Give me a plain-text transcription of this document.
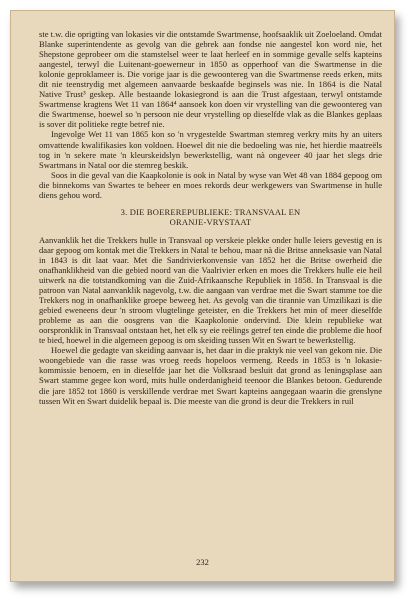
ste t.w. die oprigting van lokasies vir die ontstamde Swartmense, hoofsaaklik uit Zoeloeland. Omdat Blanke superintendente as gevolg van die gebrek aan fondse nie aangestel kon word nie, het Shepstone geprobeer om die stamstelsel weer te laat herleef en in sommige gevalle selfs kapteins aangestel, terwyl die Luitenant-goewerneur in 1850 as opperhoof van die Swartmense in die kolonie geproklameer is. Die vorige jaar is die gewoontereg van die Swartmense reeds erken, mits dit nie teenstrydig met algemeen aanvaarde beskaafde beginsels was nie. In 1864 is die Natal Native Trust³ geskep. Alle bestaande lokasiegrond is aan die Trust afgestaan, terwyl ontstamde Swartmense kragtens Wet 11 van 1864⁴ aansoek kon doen vir vrystelling van die gewoontereg van die Swartmense, hoewel so 'n persoon nie deur vrystelling op dieselfde vlak as die Blankes geplaas is sover dit politieke regte betref nie.

Ingevolge Wet 11 van 1865 kon so 'n vrygestelde Swartman stemreg verkry mits hy an uiters omvattende kwalifikasies kon voldoen. Hoewel dit nie die bedoeling was nie, het hierdie maatreëls tog in 'n sekere mate 'n kleurskeidslyn bewerkstellig, want nà ongeveer 40 jaar het slegs drie Swartmans in Natal oor die stemreg beskik.

Soos in die geval van die Kaapkolonie is ook in Natal by wyse van Wet 48 van 1884 gepoog om die binnekoms van Swartes te beheer en moes rekords deur werkgewers van Swartmense in hulle diens gehou word.

3. DIE BOEREREPUBLIEKE: TRANSVAAL EN
ORANJE-VRYSTAAT

Aanvanklik het die Trekkers hulle in Transvaal op verskeie plekke onder hulle leiers gevestig en is daar gepoog om kontak met die Trekkers in Natal te behou, maar nà die Britse anneksasie van Natal in 1843 is dit laat vaar. Met die Sandrivierkonvensie van 1852 het die Britse owerheid die onafhanklikheid van die gebied noord van die Vaalrivier erken en moes die Trekkers hulle eie heil uitwerk na die totstandkoming van die Zuid-Afrikaansche Republiek in 1858. In Transvaal is die patroon van Natal aanvanklik nagevolg, t.w. die aangaan van verdrae met die Swart stamme toe die Trekkers nog in onafhanklike groepe beweeg het. As gevolg van die tirannie van Umzilikazi is die gebied eweneens deur 'n stroom vlugtelinge geteister, en die Trekkers het min of meer dieselfde probleme as aan die oosgrens van die Kaapkolonie ondervind. Die klein republieke wat oorspronklik in Transvaal ontstaan het, het elk sy eie reëlings getref ten einde die probleme die hoof te bied, hoewel in die algemeen gepoog is om skeiding tussen Wit en Swart te bewerkstellig.

Hoewel die gedagte van skeiding aanvaar is, het daar in die praktyk nie veel van gekom nie. Die woongebiede van die rasse was vroeg reeds hopeloos vermeng. Reeds in 1853 is 'n lokasie-kommissie benoem, en in dieselfde jaar het die Volksraad besluit dat grond as leningsplase aan Swart stamme gegee kon word, mits hulle onderdanigheid teenoor die Blankes betoon. Gedurende die jare 1852 tot 1860 is verskillende verdrae met Swart kapteins aangegaan waarin die grenslyne tussen Wit en Swart duidelik bepaal is. Die meeste van die grond is deur die Trekkers in ruil

232
